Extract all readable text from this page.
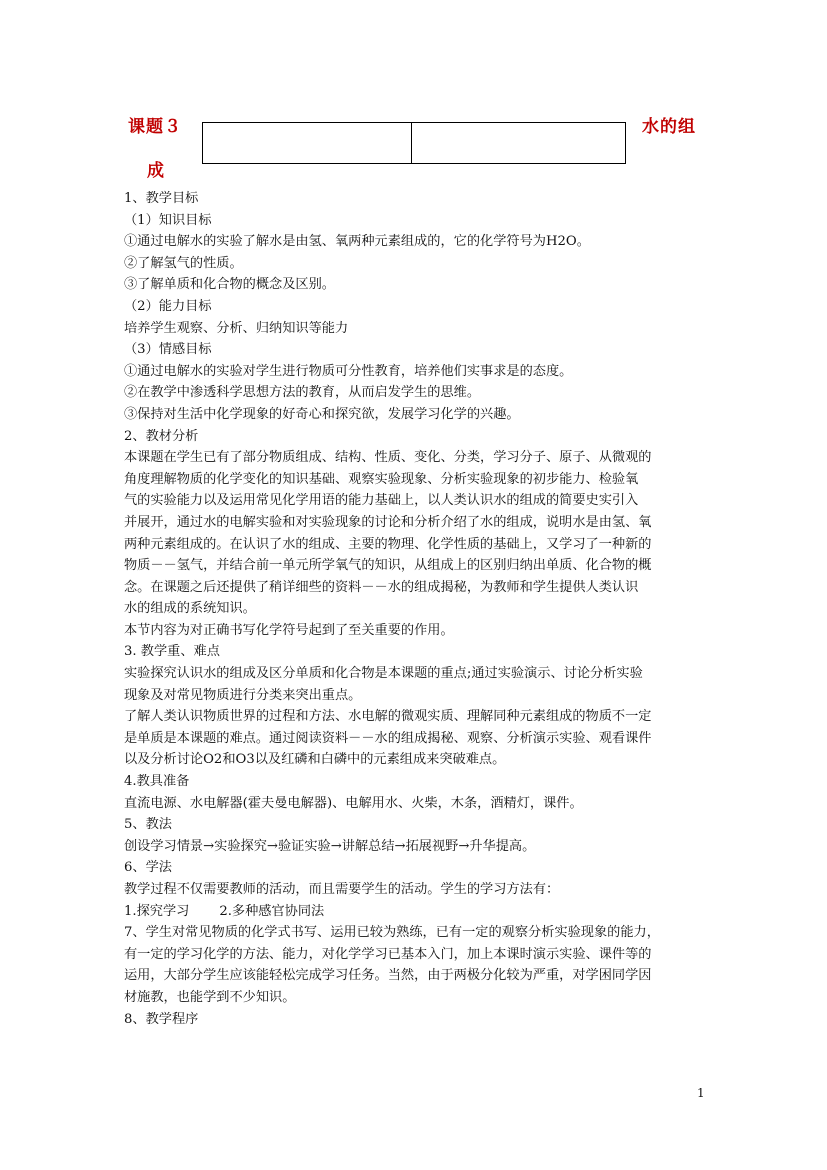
课题３
		水的组
成

1、教学目标

（1）知识目标

①通过电解水的实验了解水是由氢、氧两种元素组成的，它的化学符号为H2O。

②了解氢气的性质。

③了解单质和化合物的概念及区别。

（2）能力目标

培养学生观察、分析、归纳知识等能力

（3）情感目标

①通过电解水的实验对学生进行物质可分性教育，培养他们实事求是的态度。

②在教学中渗透科学思想方法的教育，从而启发学生的思维。

③保持对生活中化学现象的好奇心和探究欲，发展学习化学的兴趣。

2、教材分析

本课题在学生已有了部分物质组成、结构、性质、变化、分类，学习分子、原子、从微观的

角度理解物质的化学变化的知识基础、观察实验现象、分析实验现象的初步能力、检验氧

气的实验能力以及运用常见化学用语的能力基础上，以人类认识水的组成的简要史实引入

并展开，通过水的电解实验和对实验现象的讨论和分析介绍了水的组成，说明水是由氢、氧

两种元素组成的。在认识了水的组成、主要的物理、化学性质的基础上，又学习了一种新的

物质－－氢气，并结合前一单元所学氧气的知识，从组成上的区别归纳出单质、化合物的概

念。在课题之后还提供了稍详细些的资料－－水的组成揭秘，为教师和学生提供人类认识

水的组成的系统知识。

本节内容为对正确书写化学符号起到了至关重要的作用。

3. 教学重、难点

实验探究认识水的组成及区分单质和化合物是本课题的重点;通过实验演示、讨论分析实验

现象及对常见物质进行分类来突出重点。

了解人类认识物质世界的过程和方法、水电解的微观实质、理解同种元素组成的物质不一定

是单质是本课题的难点。通过阅读资料－－水的组成揭秘、观察、分析演示实验、观看课件

以及分析讨论O2和O3以及红磷和白磷中的元素组成来突破难点。

4.教具准备

直流电源、水电解器(霍夫曼电解器)、电解用水、火柴，木条，酒精灯，课件。

5、教法

创设学习情景→实验探究→验证实验→讲解总结→拓展视野→升华提高。

6、学法

教学过程不仅需要教师的活动，而且需要学生的活动。学生的学习方法有：

1.探究学习 2.多种感官协同法

7、学生对常见物质的化学式书写、运用已较为熟练，已有一定的观察分析实验现象的能力，

有一定的学习化学的方法、能力，对化学学习已基本入门，加上本课时演示实验、课件等的

运用，大部分学生应该能轻松完成学习任务。当然，由于两极分化较为严重，对学困同学因

材施教，也能学到不少知识。

8、教学程序

1
